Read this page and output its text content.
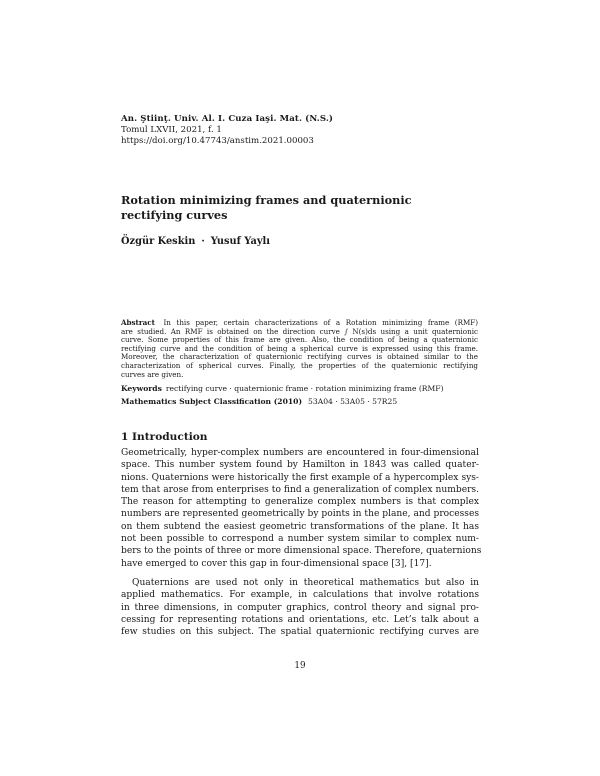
An. Ştiinţ. Univ. Al. I. Cuza Iaşi. Mat. (N.S.)
Tomul LXVII, 2021, f. 1
https://doi.org/10.47743/anstim.2021.00003
Rotation minimizing frames and quaternionic rectifying curves
Özgür Keskin · Yusuf Yaylı
Abstract In this paper, certain characterizations of a Rotation minimizing frame (RMF)
are studied. An RMF is obtained on the direction curve ∫ N(s)ds using a unit quaternionic
curve. Some properties of this frame are given. Also, the condition of being a quaternionic
rectifying curve and the condition of being a spherical curve is expressed using this frame.
Moreover, the characterization of quaternionic rectifying curves is obtained similar to the
characterization of spherical curves. Finally, the properties of the quaternionic rectifying
curves are given.
Keywords rectifying curve · quaternionic frame · rotation minimizing frame (RMF)
Mathematics Subject Classification (2010) 53A04 · 53A05 · 57R25
1 Introduction
Geometrically, hyper-complex numbers are encountered in four-dimensional
space. This number system found by Hamilton in 1843 was called quater-
nions. Quaternions were historically the first example of a hypercomplex sys-
tem that arose from enterprises to find a generalization of complex numbers.
The reason for attempting to generalize complex numbers is that complex
numbers are represented geometrically by points in the plane, and processes
on them subtend the easiest geometric transformations of the plane. It has
not been possible to correspond a number system similar to complex num-
bers to the points of three or more dimensional space. Therefore, quaternions
have emerged to cover this gap in four-dimensional space [3], [17].
Quaternions are used not only in theoretical mathematics but also in
applied mathematics. For example, in calculations that involve rotations
in three dimensions, in computer graphics, control theory and signal pro-
cessing for representing rotations and orientations, etc. Let’s talk about a
few studies on this subject. The spatial quaternionic rectifying curves are
19
